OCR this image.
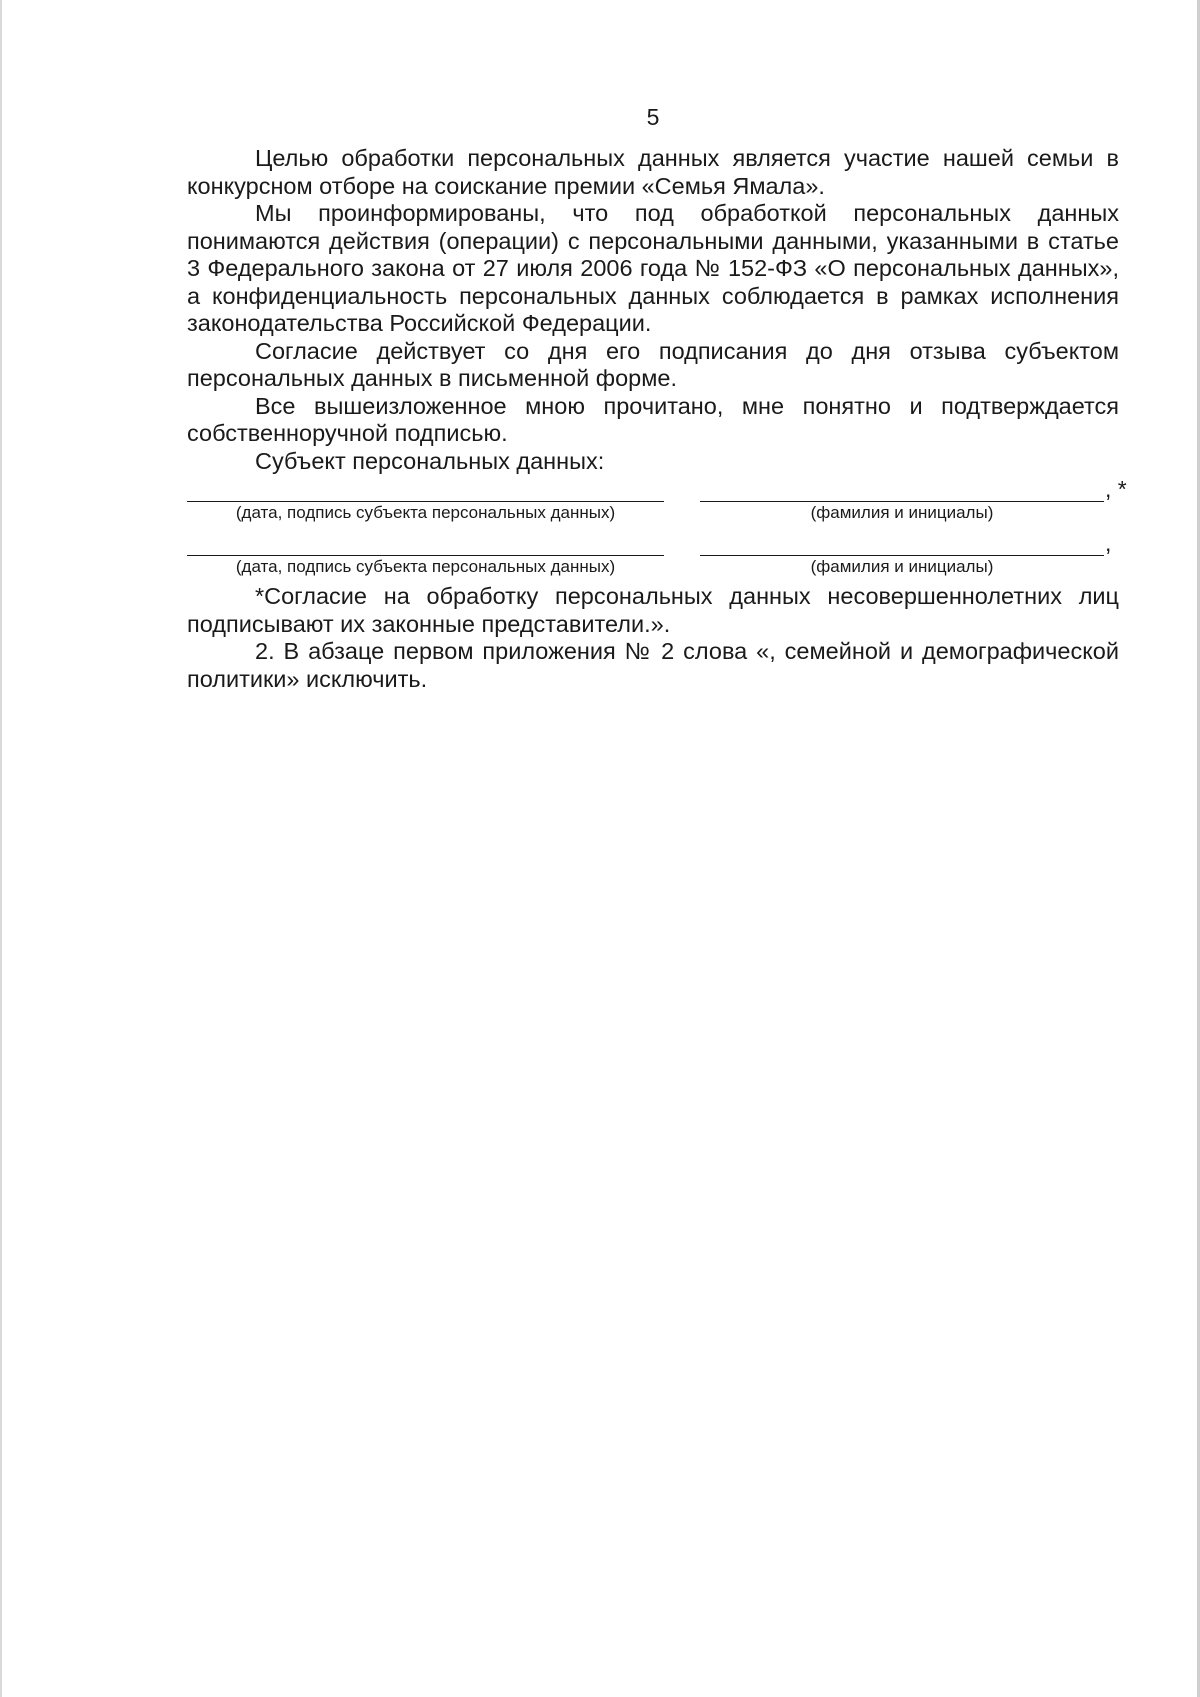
5

Целью обработки персональных данных является участие нашей семьи в конкурсном отборе на соискание премии «Семья Ямала».

Мы проинформированы, что под обработкой персональных данных понимаются действия (операции) с персональными данными, указанными в статье 3 Федерального закона от 27 июля 2006 года № 152-ФЗ «О персональных данных», а конфиденциальность персональных данных соблюдается в рамках исполнения законодательства Российской Федерации.

Согласие действует со дня его подписания до дня отзыва субъектом персональных данных в письменной форме.

Все вышеизложенное мною прочитано, мне понятно и подтверждается собственноручной подписью.

Субъект персональных данных:

, *
(дата, подпись субъекта персональных данных)	(фамилия и инициалы)
,
(дата, подпись субъекта персональных данных)	(фамилия и инициалы)

*Согласие на обработку персональных данных несовершеннолетних лиц подписывают их законные представители.».

2. В абзаце первом приложения № 2 слова «, семейной и демографической политики» исключить.
